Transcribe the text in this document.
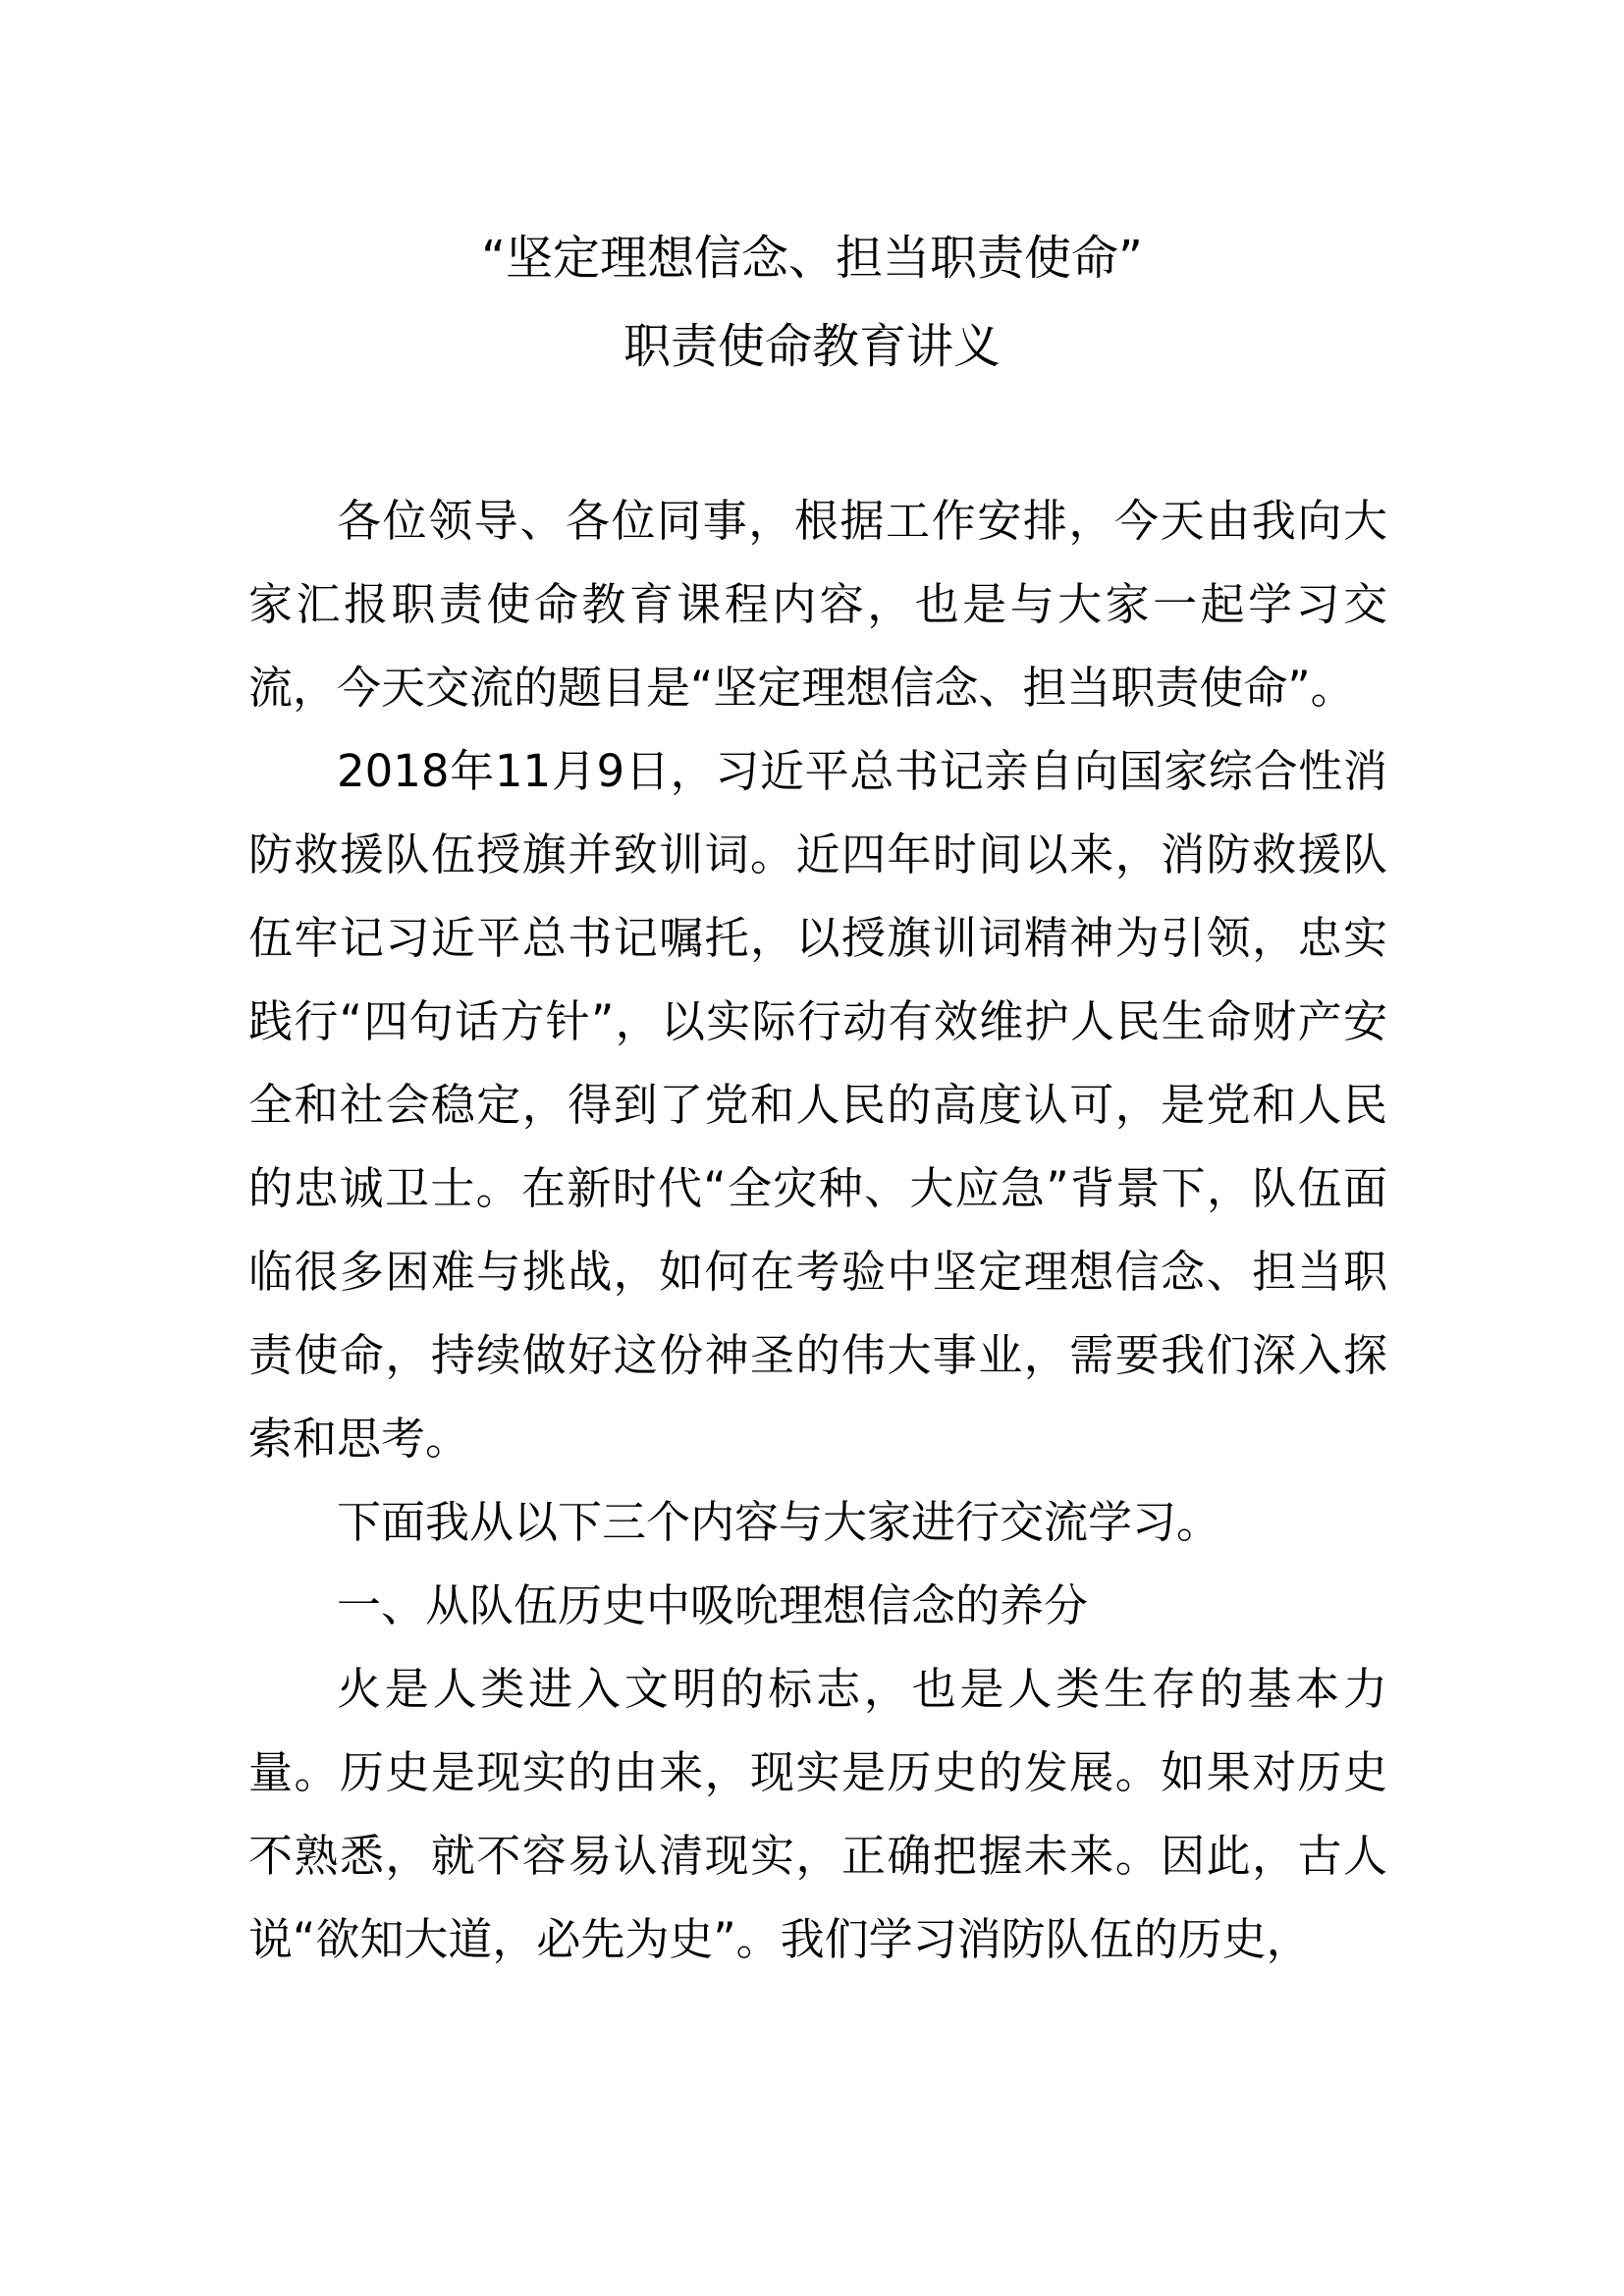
“坚定理想信念、担当职责使命”
职责使命教育讲义

各位领导、各位同事，根据工作安排，今天由我向大家汇报职责使命教育课程内容，也是与大家一起学习交流，今天交流的题目是“坚定理想信念、担当职责使命”。

2018年11月9日，习近平总书记亲自向国家综合性消防救援队伍授旗并致训词。近四年时间以来，消防救援队伍牢记习近平总书记嘱托，以授旗训词精神为引领，忠实践行“四句话方针”，以实际行动有效维护人民生命财产安全和社会稳定，得到了党和人民的高度认可，是党和人民的忠诚卫士。在新时代“全灾种、大应急”背景下，队伍面临很多困难与挑战，如何在考验中坚定理想信念、担当职责使命，持续做好这份神圣的伟大事业，需要我们深入探索和思考。

下面我从以下三个内容与大家进行交流学习。

一、从队伍历史中吸吮理想信念的养分

火是人类进入文明的标志，也是人类生存的基本力量。历史是现实的由来，现实是历史的发展。如果对历史不熟悉，就不容易认清现实，正确把握未来。因此，古人说“欲知大道，必先为史”。我们学习消防队伍的历史，
